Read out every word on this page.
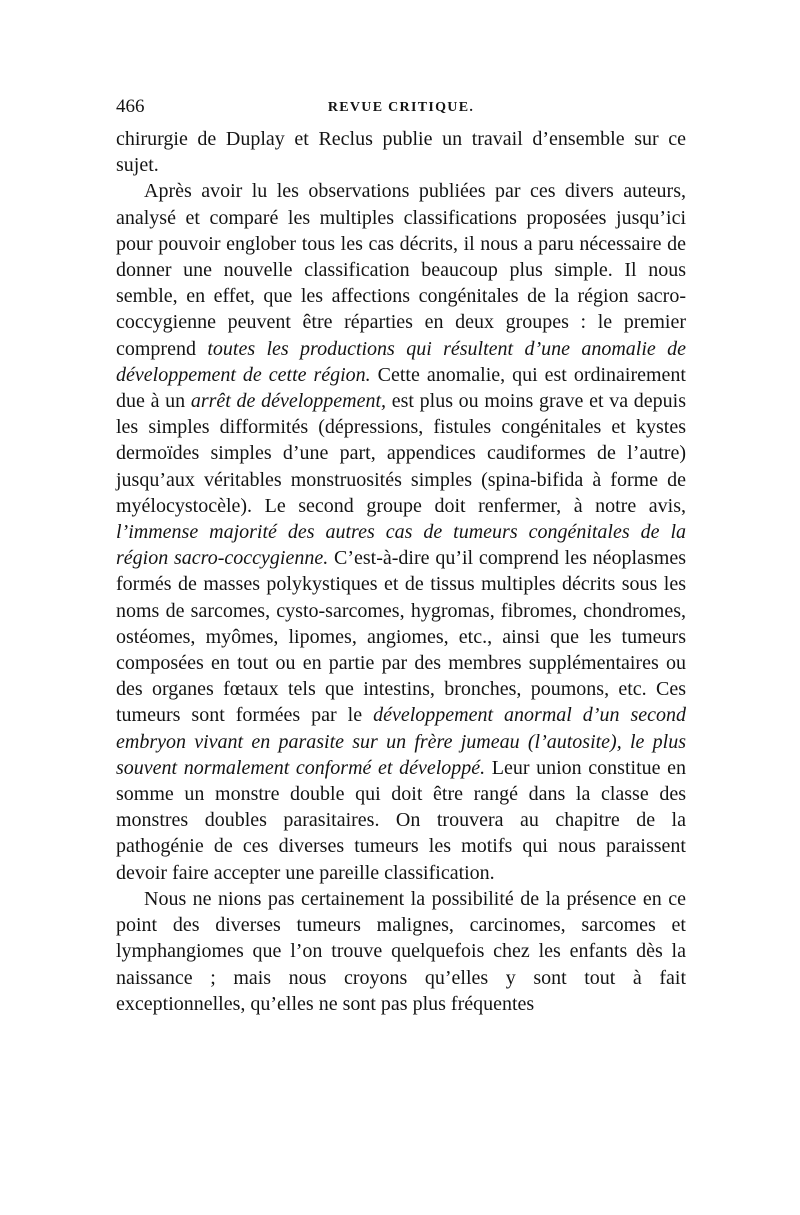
466	REVUE CRITIQUE.

chirurgie de Duplay et Reclus publie un travail d’ensemble sur ce sujet.

Après avoir lu les observations publiées par ces divers auteurs, analysé et comparé les multiples classifications proposées jusqu’ici pour pouvoir englober tous les cas décrits, il nous a paru nécessaire de donner une nouvelle classification beaucoup plus simple. Il nous semble, en effet, que les affections congénitales de la région sacro-coccygienne peuvent être réparties en deux groupes : le premier comprend toutes les productions qui résultent d’une anomalie de développement de cette région. Cette anomalie, qui est ordinairement due à un arrêt de développement, est plus ou moins grave et va depuis les simples difformités (dépressions, fistules congénitales et kystes dermoïdes simples d’une part, appendices caudiformes de l’autre) jusqu’aux véritables monstruosités simples (spina-bifida à forme de myélocystocèle). Le second groupe doit renfermer, à notre avis, l’immense majorité des autres cas de tumeurs congénitales de la région sacro-coccygienne. C’est-à-dire qu’il comprend les néoplasmes formés de masses polykystiques et de tissus multiples décrits sous les noms de sarcomes, cysto-sarcomes, hygromas, fibromes, chondromes, ostéomes, myômes, lipomes, angiomes, etc., ainsi que les tumeurs composées en tout ou en partie par des membres supplémentaires ou des organes fœtaux tels que intestins, bronches, poumons, etc. Ces tumeurs sont formées par le développement anormal d’un second embryon vivant en parasite sur un frère jumeau (l’autosite), le plus souvent normalement conformé et développé. Leur union constitue en somme un monstre double qui doit être rangé dans la classe des monstres doubles parasitaires. On trouvera au chapitre de la pathogénie de ces diverses tumeurs les motifs qui nous paraissent devoir faire accepter une pareille classification.

Nous ne nions pas certainement la possibilité de la présence en ce point des diverses tumeurs malignes, carcinomes, sarcomes et lymphangiomes que l’on trouve quelquefois chez les enfants dès la naissance ; mais nous croyons qu’elles y sont tout à fait exceptionnelles, qu’elles ne sont pas plus fréquentes
